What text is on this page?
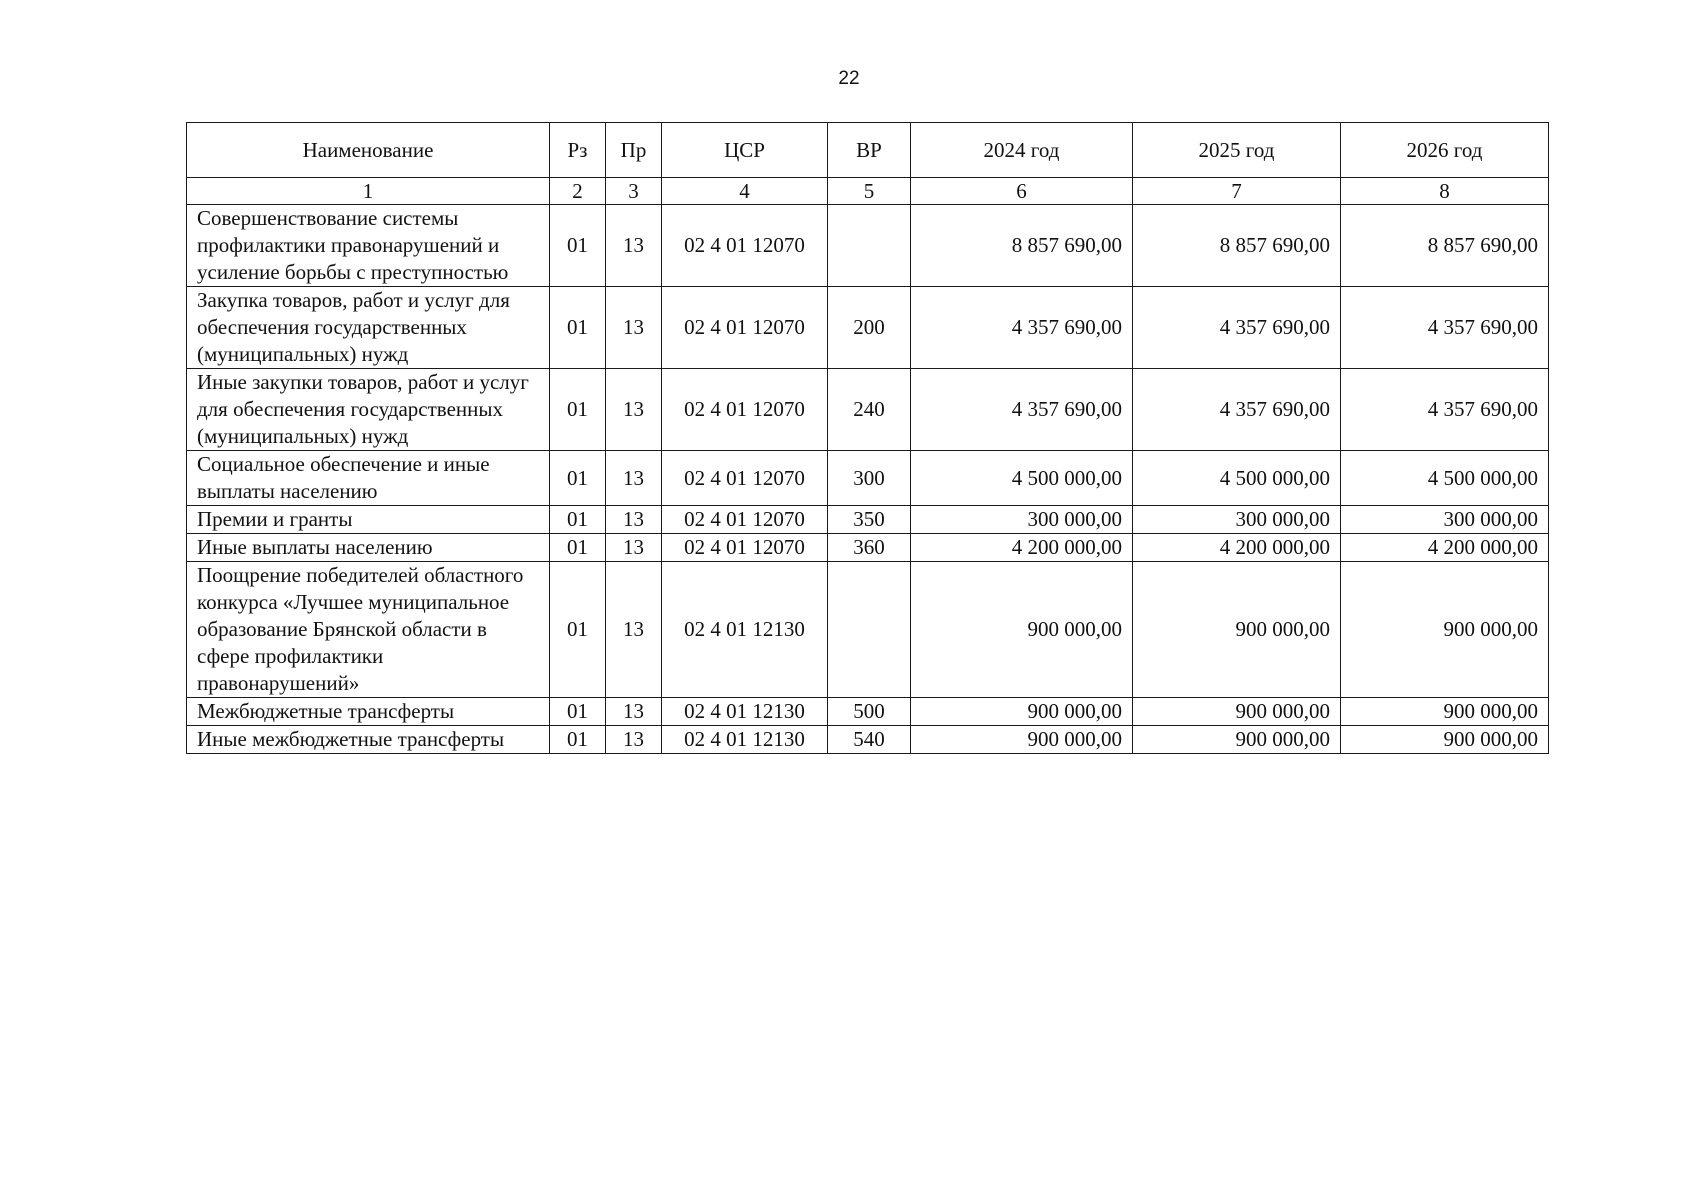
22
Наименование	Рз	Пр	ЦСР	ВР	2024 год	2025 год	2026 год
1	2	3	4	5	6	7	8
Совершенствование системы профилактики правонарушений и усиление борьбы с преступностью	01	13	02 4 01 12070		8 857 690,00	8 857 690,00	8 857 690,00
Закупка товаров, работ и услуг для обеспечения государственных (муниципальных) нужд	01	13	02 4 01 12070	200	4 357 690,00	4 357 690,00	4 357 690,00
Иные закупки товаров, работ и услуг для обеспечения государственных (муниципальных) нужд	01	13	02 4 01 12070	240	4 357 690,00	4 357 690,00	4 357 690,00
Социальное обеспечение и иные выплаты населению	01	13	02 4 01 12070	300	4 500 000,00	4 500 000,00	4 500 000,00
Премии и гранты	01	13	02 4 01 12070	350	300 000,00	300 000,00	300 000,00
Иные выплаты населению	01	13	02 4 01 12070	360	4 200 000,00	4 200 000,00	4 200 000,00
Поощрение победителей областного конкурса «Лучшее муниципальное образование Брянской области в сфере профилактики правонарушений»	01	13	02 4 01 12130		900 000,00	900 000,00	900 000,00
Межбюджетные трансферты	01	13	02 4 01 12130	500	900 000,00	900 000,00	900 000,00
Иные межбюджетные трансферты	01	13	02 4 01 12130	540	900 000,00	900 000,00	900 000,00
